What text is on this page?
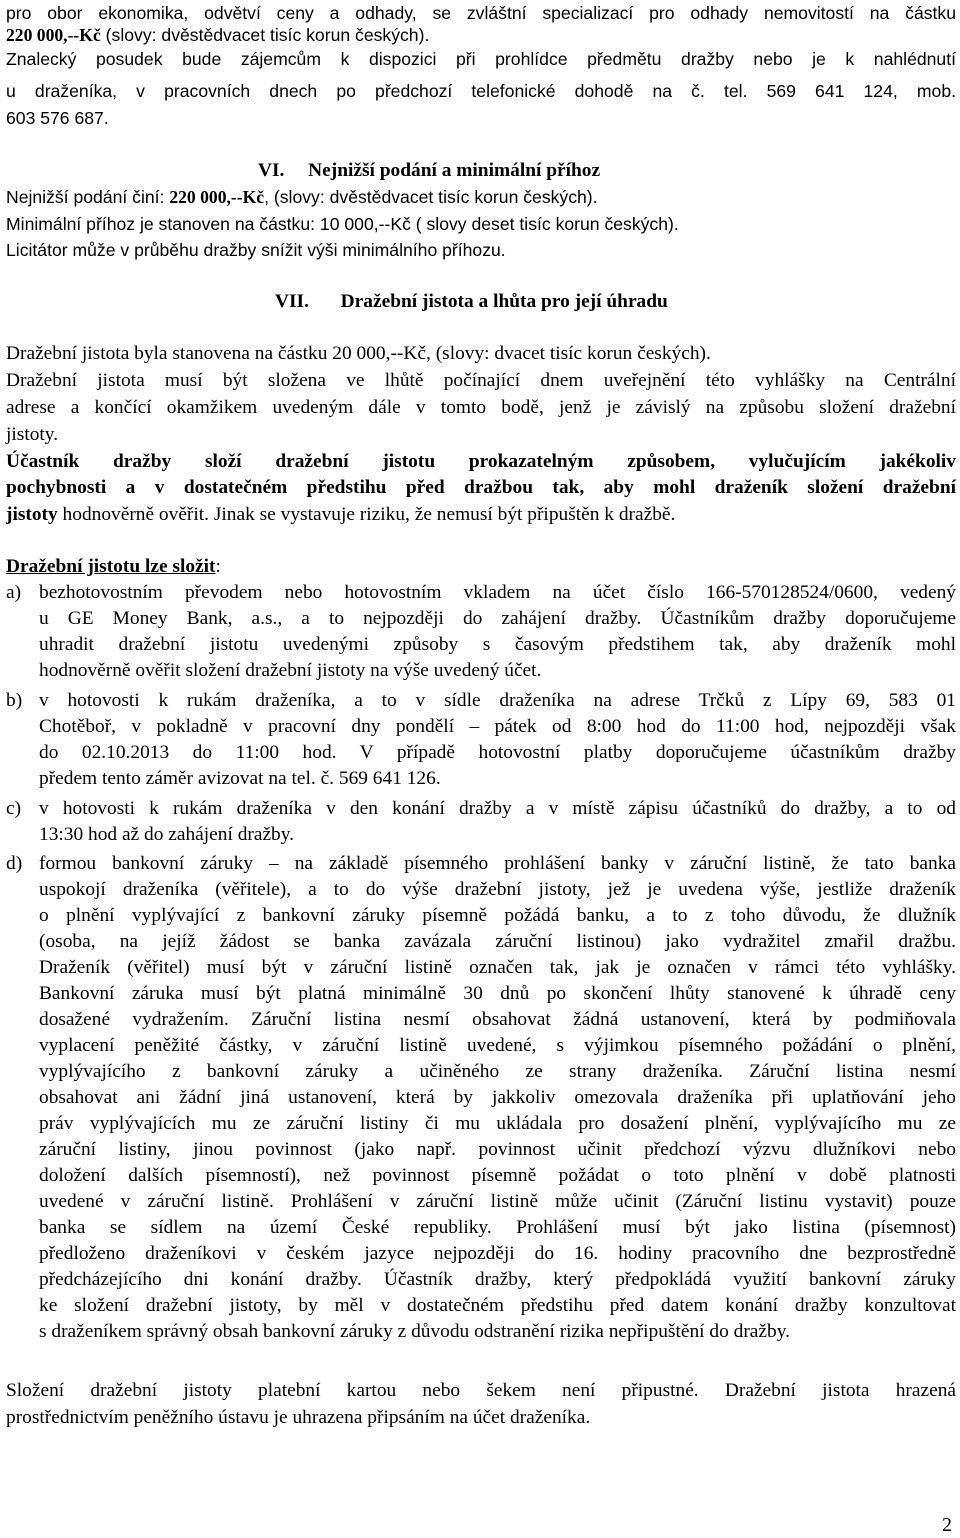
pro obor ekonomika, odvětví ceny a odhady, se zvláštní specializací pro odhady nemovitostí na částku
220 000,--Kč (slovy: dvěstědvacet tisíc korun českých).
Znalecký posudek bude zájemcům k dispozici při prohlídce předmětu dražby nebo je k nahlédnutí
u draženíka, v pracovních dnech po předchozí telefonické dohodě na č. tel. 569 641 124, mob.
603 576 687.
VI. Nejnižší podání a minimální příhoz
Nejnižší podání činí: 220 000,--Kč, (slovy: dvěstědvacet tisíc korun českých).
Minimální příhoz je stanoven na částku: 10 000,--Kč ( slovy deset tisíc korun českých).
Licitátor může v průběhu dražby snížit výši minimálního příhozu.
VII. Dražební jistota a lhůta pro její úhradu
Dražební jistota byla stanovena na částku 20 000,--Kč, (slovy: dvacet tisíc korun českých).
Dražební jistota musí být složena ve lhůtě počínající dnem uveřejnění této vyhlášky na Centrální
adrese a končící okamžikem uvedeným dále v tomto bodě, jenž je závislý na způsobu složení dražební
jistoty.
Účastník dražby složí dražební jistotu prokazatelným způsobem, vylučujícím jakékoliv
pochybnosti a v dostatečném předstihu před dražbou tak, aby mohl draženík složení dražební
jistoty hodnověrně ověřit. Jinak se vystavuje riziku, že nemusí být připuštěn k dražbě.
Dražební jistotu lze složit:
a) bezhotovostním převodem nebo hotovostním vkladem na účet číslo 166-570128524/0600, vedený
u GE Money Bank, a.s., a to nejpozději do zahájení dražby. Účastníkům dražby doporučujeme
uhradit dražební jistotu uvedenými způsoby s časovým předstihem tak, aby draženík mohl
hodnověrně ověřit složení dražební jistoty na výše uvedený účet.
b) v hotovosti k rukám draženíka, a to v sídle draženíka na adrese Trčků z Lípy 69, 583 01
Chotěboř, v pokladně v pracovní dny pondělí – pátek od 8:00 hod do 11:00 hod, nejpozději však
do 02.10.2013 do 11:00 hod. V případě hotovostní platby doporučujeme účastníkům dražby
předem tento záměr avizovat na tel. č. 569 641 126.
c) v hotovosti k rukám draženíka v den konání dražby a v místě zápisu účastníků do dražby, a to od
13:30 hod až do zahájení dražby.
d) formou bankovní záruky – na základě písemného prohlášení banky v záruční listině, že tato banka
uspokojí draženíka (věřitele), a to do výše dražební jistoty, jež je uvedena výše, jestliže draženík
o plnění vyplývající z bankovní záruky písemně požádá banku, a to z toho důvodu, že dlužník
(osoba, na jejíž žádost se banka zavázala záruční listinou) jako vydražitel zmařil dražbu.
Draženík (věřitel) musí být v záruční listině označen tak, jak je označen v rámci této vyhlášky.
Bankovní záruka musí být platná minimálně 30 dnů po skončení lhůty stanovené k úhradě ceny
dosažené vydražením. Záruční listina nesmí obsahovat žádná ustanovení, která by podmiňovala
vyplacení peněžité částky, v záruční listině uvedené, s výjimkou písemného požádání o plnění,
vyplývajícího z bankovní záruky a učiněného ze strany draženíka. Záruční listina nesmí
obsahovat ani žádní jiná ustanovení, která by jakkoliv omezovala draženíka při uplatňování jeho
práv vyplývajících mu ze záruční listiny či mu ukládala pro dosažení plnění, vyplývajícího mu ze
záruční listiny, jinou povinnost (jako např. povinnost učinit předchozí výzvu dlužníkovi nebo
doložení dalších písemností), než povinnost písemně požádat o toto plnění v době platnosti
uvedené v záruční listině. Prohlášení v záruční listině může učinit (Záruční listinu vystavit) pouze
banka se sídlem na území České republiky. Prohlášení musí být jako listina (písemnost)
předloženo draženíkovi v českém jazyce nejpozději do 16. hodiny pracovního dne bezprostředně
předcházejícího dni konání dražby. Účastník dražby, který předpokládá využití bankovní záruky
ke složení dražební jistoty, by měl v dostatečném předstihu před datem konání dražby konzultovat
s draženíkem správný obsah bankovní záruky z důvodu odstranění rizika nepřipuštění do dražby.
Složení dražební jistoty platební kartou nebo šekem není připustné. Dražební jistota hrazená
prostřednictvím peněžního ústavu je uhrazena připsáním na účet draženíka.
2
